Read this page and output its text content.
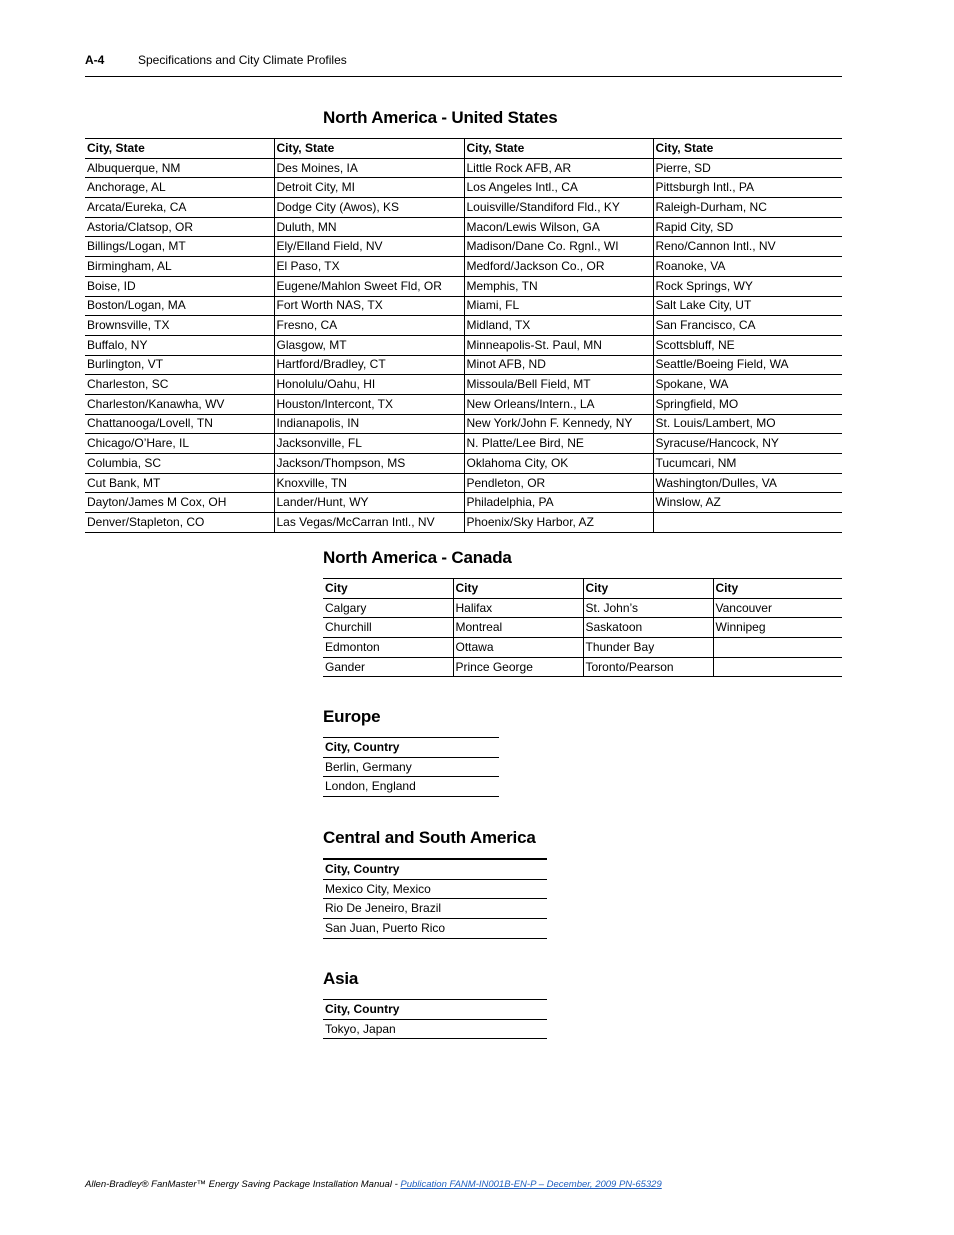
A-4	Specifications and City Climate Profiles
North America - United States
City, State	City, State	City, State	City, State
Albuquerque, NM	Des Moines, IA	Little Rock AFB, AR	Pierre, SD
Anchorage, AL	Detroit City, MI	Los Angeles Intl., CA	Pittsburgh Intl., PA
Arcata/Eureka, CA	Dodge City (Awos), KS	Louisville/Standiford Fld., KY	Raleigh-Durham, NC
Astoria/Clatsop, OR	Duluth, MN	Macon/Lewis Wilson, GA	Rapid City, SD
Billings/Logan, MT	Ely/Elland Field, NV	Madison/Dane Co. Rgnl., WI	Reno/Cannon Intl., NV
Birmingham, AL	El Paso, TX	Medford/Jackson Co., OR	Roanoke, VA
Boise, ID	Eugene/Mahlon Sweet Fld, OR	Memphis, TN	Rock Springs, WY
Boston/Logan, MA	Fort Worth NAS, TX	Miami, FL	Salt Lake City, UT
Brownsville, TX	Fresno, CA	Midland, TX	San Francisco, CA
Buffalo, NY	Glasgow, MT	Minneapolis-St. Paul, MN	Scottsbluff, NE
Burlington, VT	Hartford/Bradley, CT	Minot AFB, ND	Seattle/Boeing Field, WA
Charleston, SC	Honolulu/Oahu, HI	Missoula/Bell Field, MT	Spokane, WA
Charleston/Kanawha, WV	Houston/Intercont, TX	New Orleans/Intern., LA	Springfield, MO
Chattanooga/Lovell, TN	Indianapolis, IN	New York/John F. Kennedy, NY	St. Louis/Lambert, MO
Chicago/O’Hare, IL	Jacksonville, FL	N. Platte/Lee Bird, NE	Syracuse/Hancock, NY
Columbia, SC	Jackson/Thompson, MS	Oklahoma City, OK	Tucumcari, NM
Cut Bank, MT	Knoxville, TN	Pendleton, OR	Washington/Dulles, VA
Dayton/James M Cox, OH	Lander/Hunt, WY	Philadelphia, PA	Winslow, AZ
Denver/Stapleton, CO	Las Vegas/McCarran Intl., NV	Phoenix/Sky Harbor, AZ	
North America - Canada
City	City	City	City
Calgary	Halifax	St. John’s	Vancouver
Churchill	Montreal	Saskatoon	Winnipeg
Edmonton	Ottawa	Thunder Bay	
Gander	Prince George	Toronto/Pearson	
Europe
City, Country
Berlin, Germany
London, England
Central and South America
City, Country
Mexico City, Mexico
Rio De Jeneiro, Brazil
San Juan, Puerto Rico
Asia
City, Country
Tokyo, Japan
Allen-Bradley® FanMaster™ Energy Saving Package Installation Manual - Publication FANM-IN001B-EN-P – December, 2009 PN-65329
